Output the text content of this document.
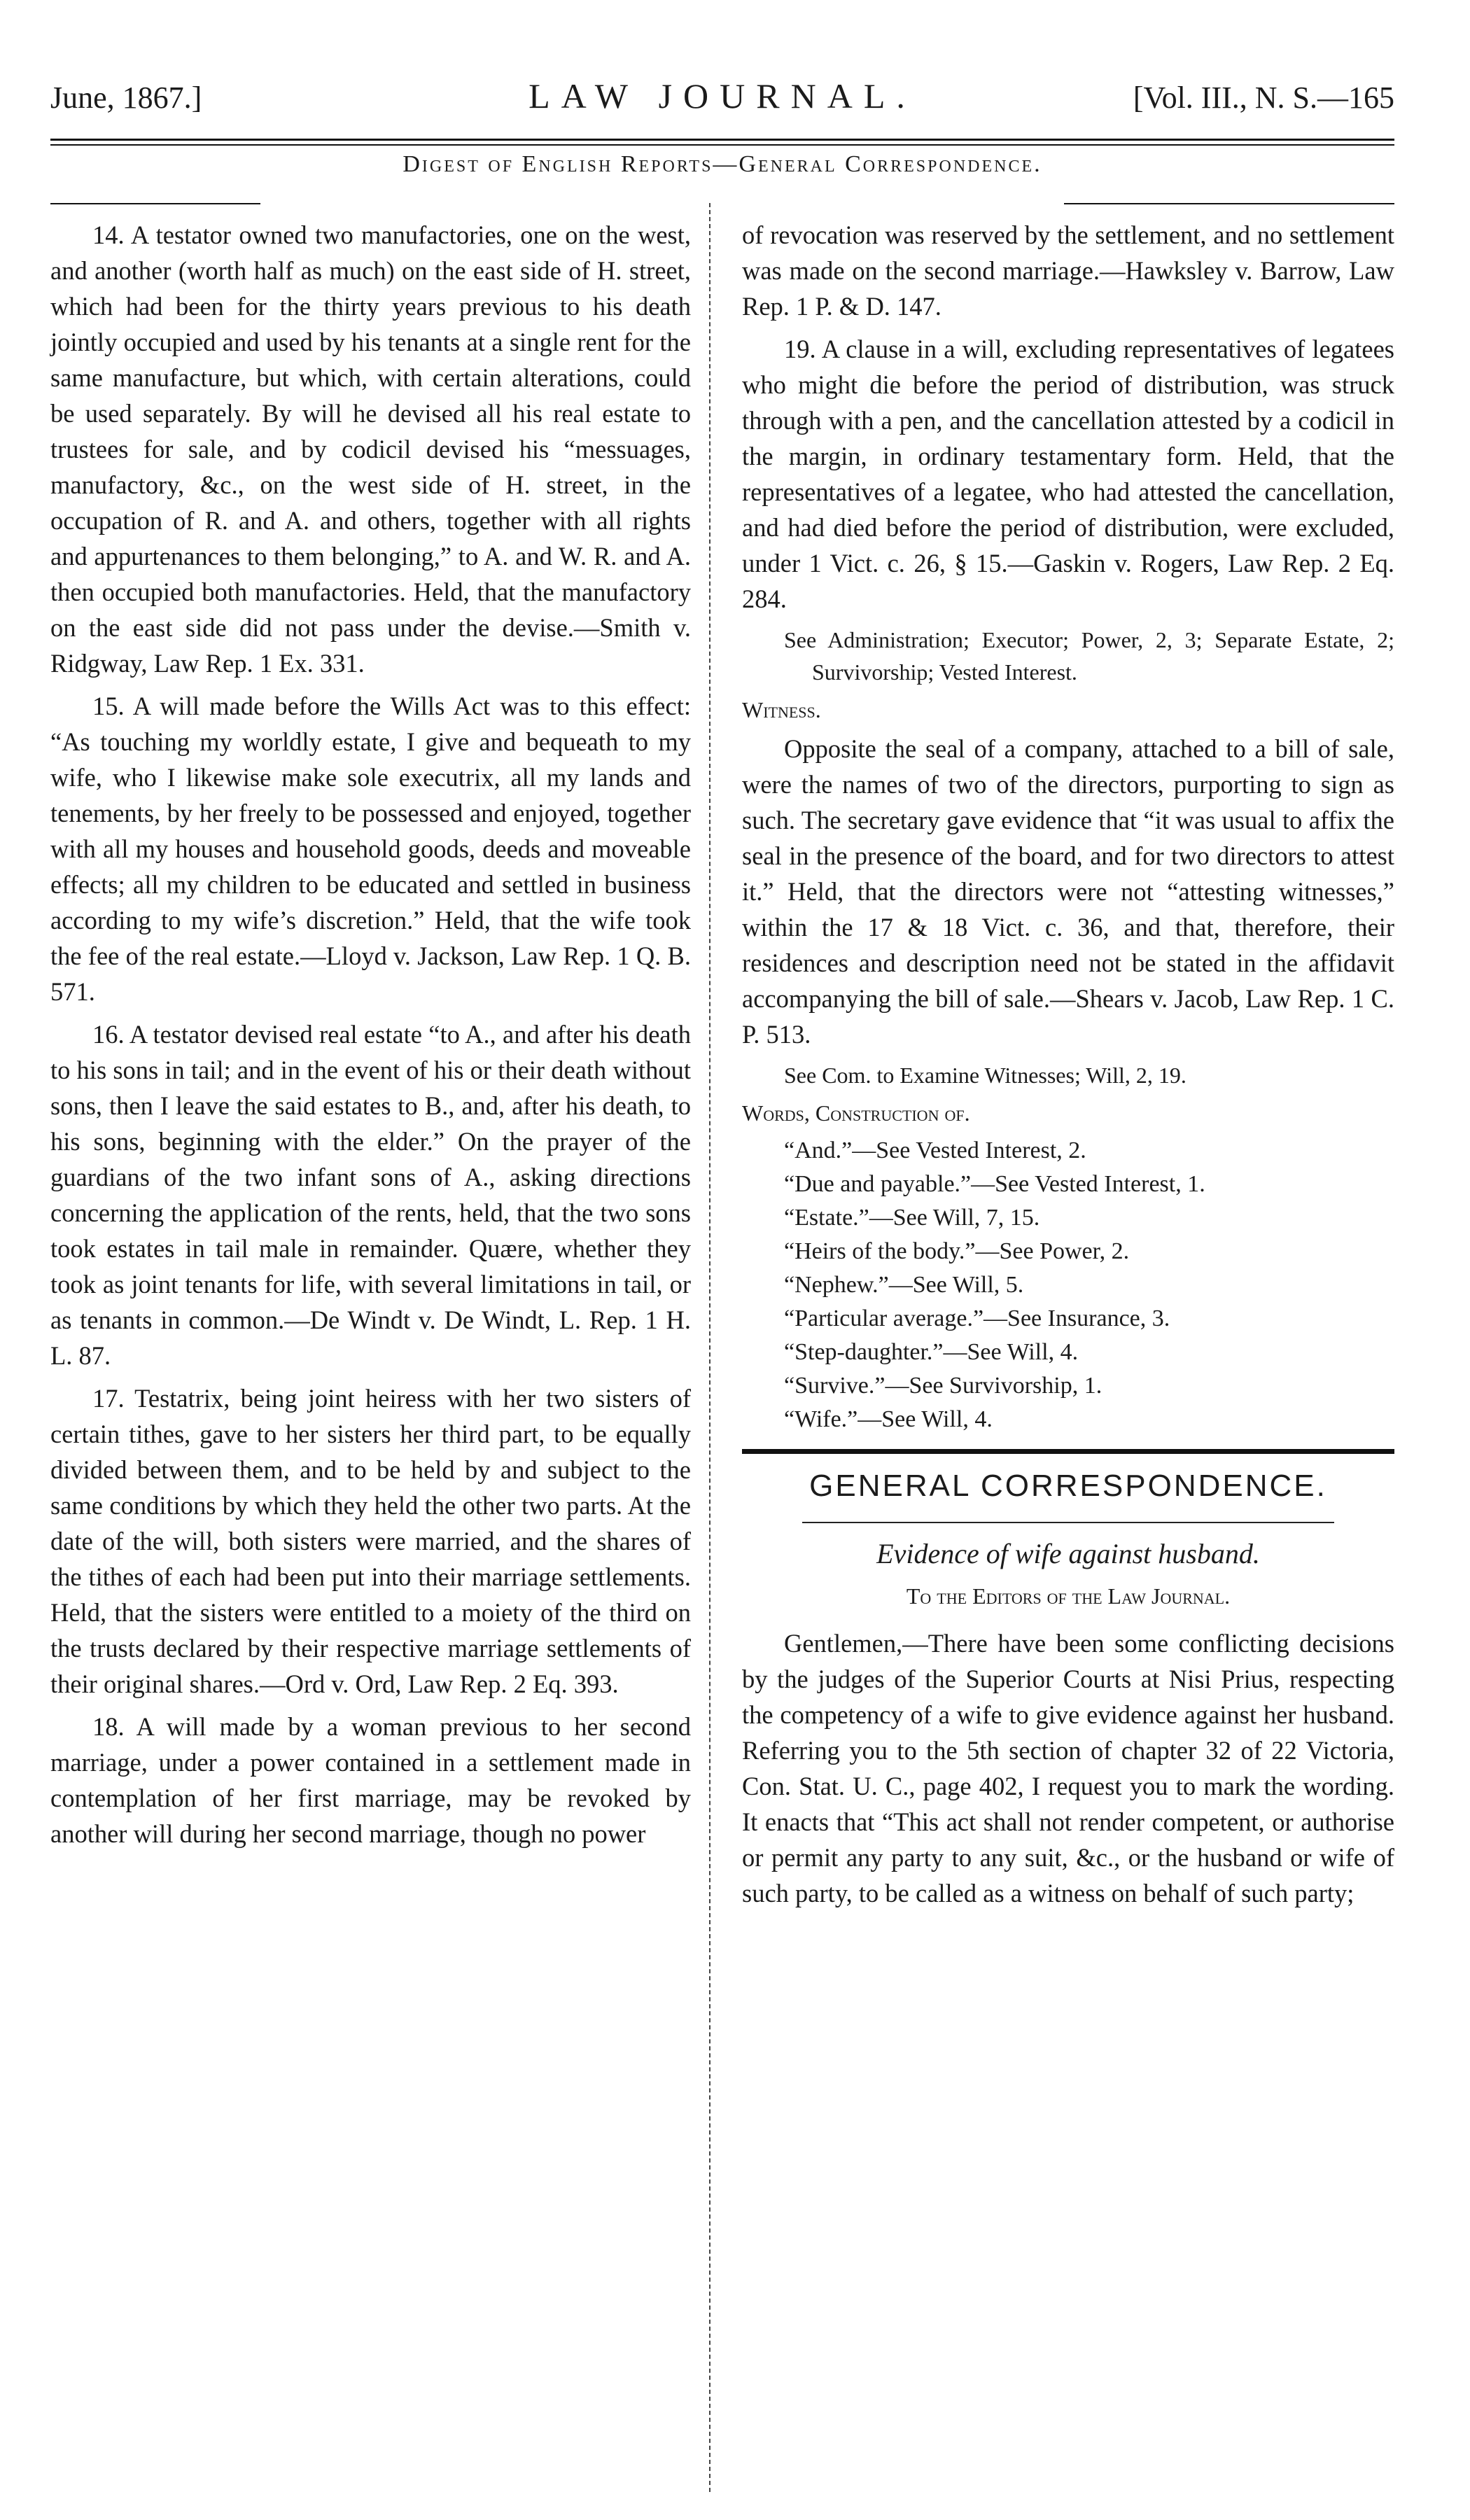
June, 1867.]	LAW JOURNAL.	[Vol. III., N. S.—165
Digest of English Reports—General Correspondence.

14. A testator owned two manufactories, one on the west, and another (worth half as much) on the east side of H. street, which had been for the thirty years previous to his death jointly occupied and used by his tenants at a single rent for the same manufacture, but which, with certain alterations, could be used separately. By will he devised all his real estate to trustees for sale, and by codicil devised his “messuages, manufactory, &c., on the west side of H. street, in the occupation of R. and A. and others, together with all rights and appurtenances to them belonging,” to A. and W. R. and A. then occupied both manufactories. Held, that the manufactory on the east side did not pass under the devise.—Smith v. Ridgway, Law Rep. 1 Ex. 331.

15. A will made before the Wills Act was to this effect: “As touching my worldly estate, I give and bequeath to my wife, who I likewise make sole executrix, all my lands and tenements, by her freely to be possessed and enjoyed, together with all my houses and household goods, deeds and moveable effects; all my children to be educated and settled in business according to my wife’s discretion.” Held, that the wife took the fee of the real estate.—Lloyd v. Jackson, Law Rep. 1 Q. B. 571.

16. A testator devised real estate “to A., and after his death to his sons in tail; and in the event of his or their death without sons, then I leave the said estates to B., and, after his death, to his sons, beginning with the elder.” On the prayer of the guardians of the two infant sons of A., asking directions concerning the application of the rents, held, that the two sons took estates in tail male in remainder. Quære, whether they took as joint tenants for life, with several limitations in tail, or as tenants in common.—De Windt v. De Windt, L. Rep. 1 H. L. 87.

17. Testatrix, being joint heiress with her two sisters of certain tithes, gave to her sisters her third part, to be equally divided between them, and to be held by and subject to the same conditions by which they held the other two parts. At the date of the will, both sisters were married, and the shares of the tithes of each had been put into their marriage settlements. Held, that the sisters were entitled to a moiety of the third on the trusts declared by their respective marriage settlements of their original shares.—Ord v. Ord, Law Rep. 2 Eq. 393.

18. A will made by a woman previous to her second marriage, under a power contained in a settlement made in contemplation of her first marriage, may be revoked by another will during her second marriage, though no power

of revocation was reserved by the settlement, and no settlement was made on the second marriage.—Hawksley v. Barrow, Law Rep. 1 P. & D. 147.

19. A clause in a will, excluding representatives of legatees who might die before the period of distribution, was struck through with a pen, and the cancellation attested by a codicil in the margin, in ordinary testamentary form. Held, that the representatives of a legatee, who had attested the cancellation, and had died before the period of distribution, were excluded, under 1 Vict. c. 26, § 15.—Gaskin v. Rogers, Law Rep. 2 Eq. 284.

See Administration; Executor; Power, 2, 3; Separate Estate, 2; Survivorship; Vested Interest.
Witness.

Opposite the seal of a company, attached to a bill of sale, were the names of two of the directors, purporting to sign as such. The secretary gave evidence that “it was usual to affix the seal in the presence of the board, and for two directors to attest it.” Held, that the directors were not “attesting witnesses,” within the 17 & 18 Vict. c. 36, and that, therefore, their residences and description need not be stated in the affidavit accompanying the bill of sale.—Shears v. Jacob, Law Rep. 1 C. P. 513.

See Com. to Examine Witnesses; Will, 2, 19.
Words, Construction of.
“And.”—See Vested Interest, 2.
“Due and payable.”—See Vested Interest, 1.
“Estate.”—See Will, 7, 15.
“Heirs of the body.”—See Power, 2.
“Nephew.”—See Will, 5.
“Particular average.”—See Insurance, 3.
“Step-daughter.”—See Will, 4.
“Survive.”—See Survivorship, 1.
“Wife.”—See Will, 4.
GENERAL CORRESPONDENCE.
Evidence of wife against husband.
To the Editors of the Law Journal.

Gentlemen,—There have been some conflicting decisions by the judges of the Superior Courts at Nisi Prius, respecting the competency of a wife to give evidence against her husband. Referring you to the 5th section of chapter 32 of 22 Victoria, Con. Stat. U. C., page 402, I request you to mark the wording. It enacts that “This act shall not render competent, or authorise or permit any party to any suit, &c., or the husband or wife of such party, to be called as a witness on behalf of such party;
